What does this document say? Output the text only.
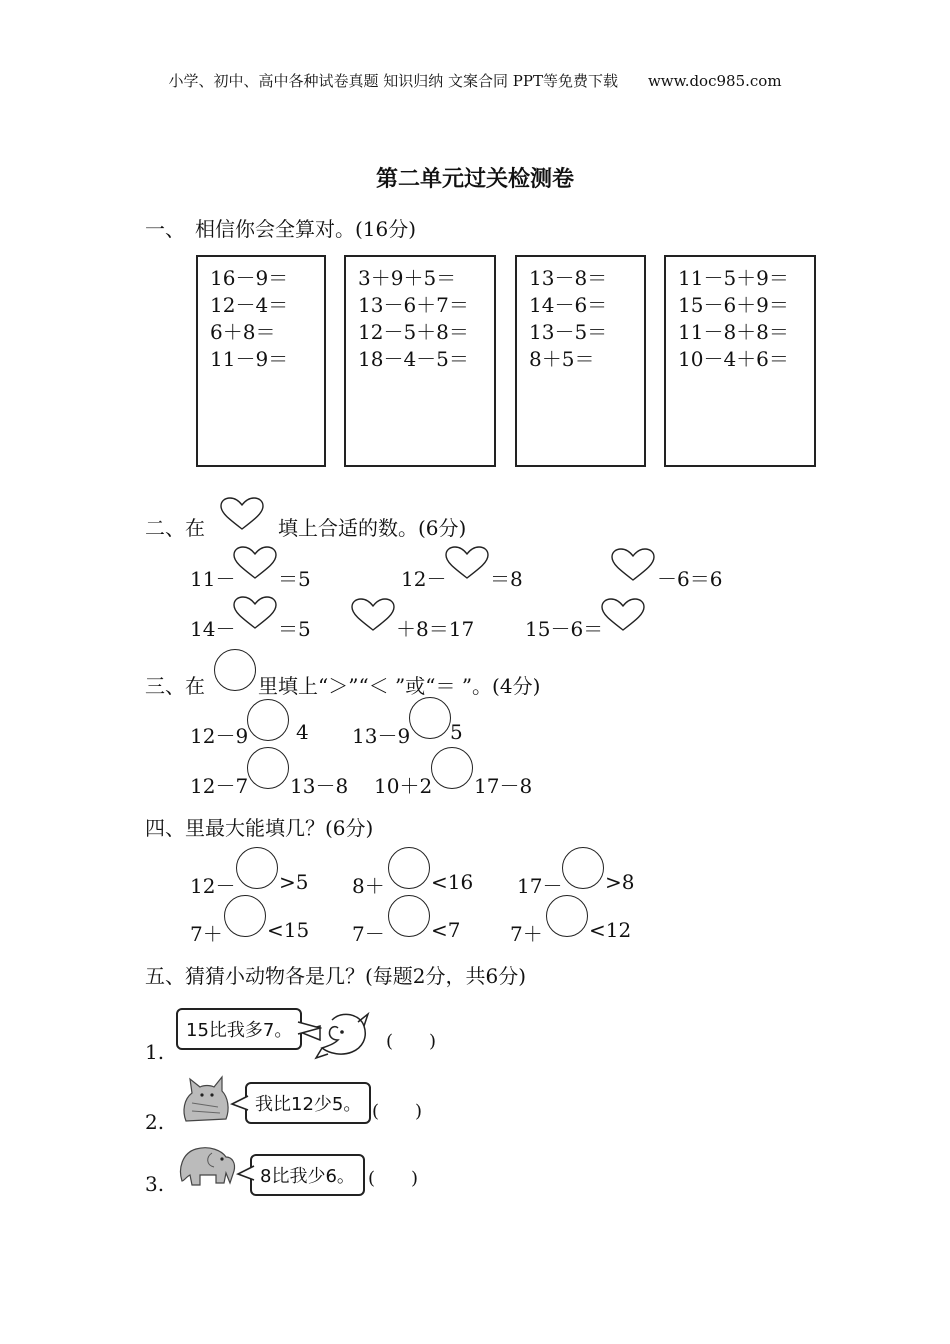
小学、初中、高中各种试卷真题 知识归纳 文案合同 PPT等免费下载　　www.doc985.com
第二单元过关检测卷
一、　相信你会全算对。(16分)
16－9＝
12－4＝
6＋8＝
11－9＝
3＋9＋5＝
13－6＋7＝
12－5＋8＝
18－4－5＝
13－8＝
14－6＝
13－5＝
8＋5＝
11－5＋9＝
15－6＋9＝
11－8＋8＝
10－4＋6＝
二、在	填上合适的数。(6分)
11－ ＝5	12－ ＝8	－6＝6
14－ ＝5	＋8＝17	15－6＝
三、在	里填上“＞”“＜ ”或“＝ ”。(4分)
12－9 4 13－9 5
12－7 13－8 10＋2 17－8
四、里最大能填几？(6分)
12－ >5 8＋ <16 17－ >8
7＋ <15 7－ <7 7＋ <12
五、猜猜小动物各是几？(每题2分，共6分)
1.
15比我多7。
(　　)
2.
我比12少5。 (　　)
3.	8比我少6。 (　　)
